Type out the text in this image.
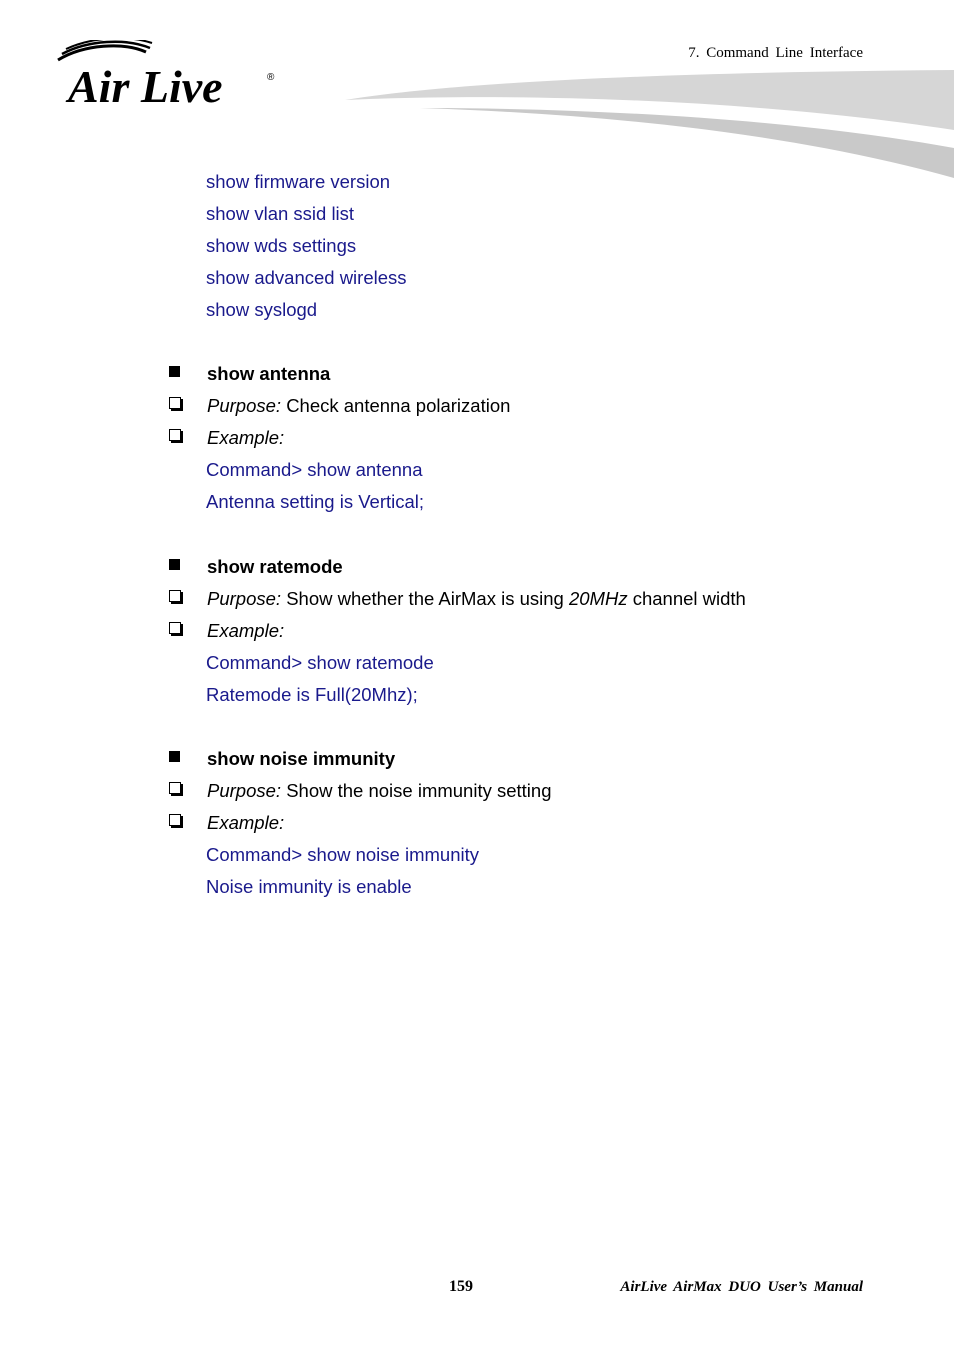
Air Live	®
7. Command Line Interface
show firmware version
show vlan ssid list
show wds settings
show advanced wireless
show syslogd
show antenna
Purpose: Check antenna polarization
Example:
Command> show antenna
Antenna setting is Vertical;
show ratemode
Purpose: Show whether the AirMax is using 20MHz channel width
Example:
Command> show ratemode
Ratemode is Full(20Mhz);
show noise immunity
Purpose: Show the noise immunity setting
Example:
Command> show noise immunity
Noise immunity is enable
159	AirLive AirMax DUO User’s Manual
